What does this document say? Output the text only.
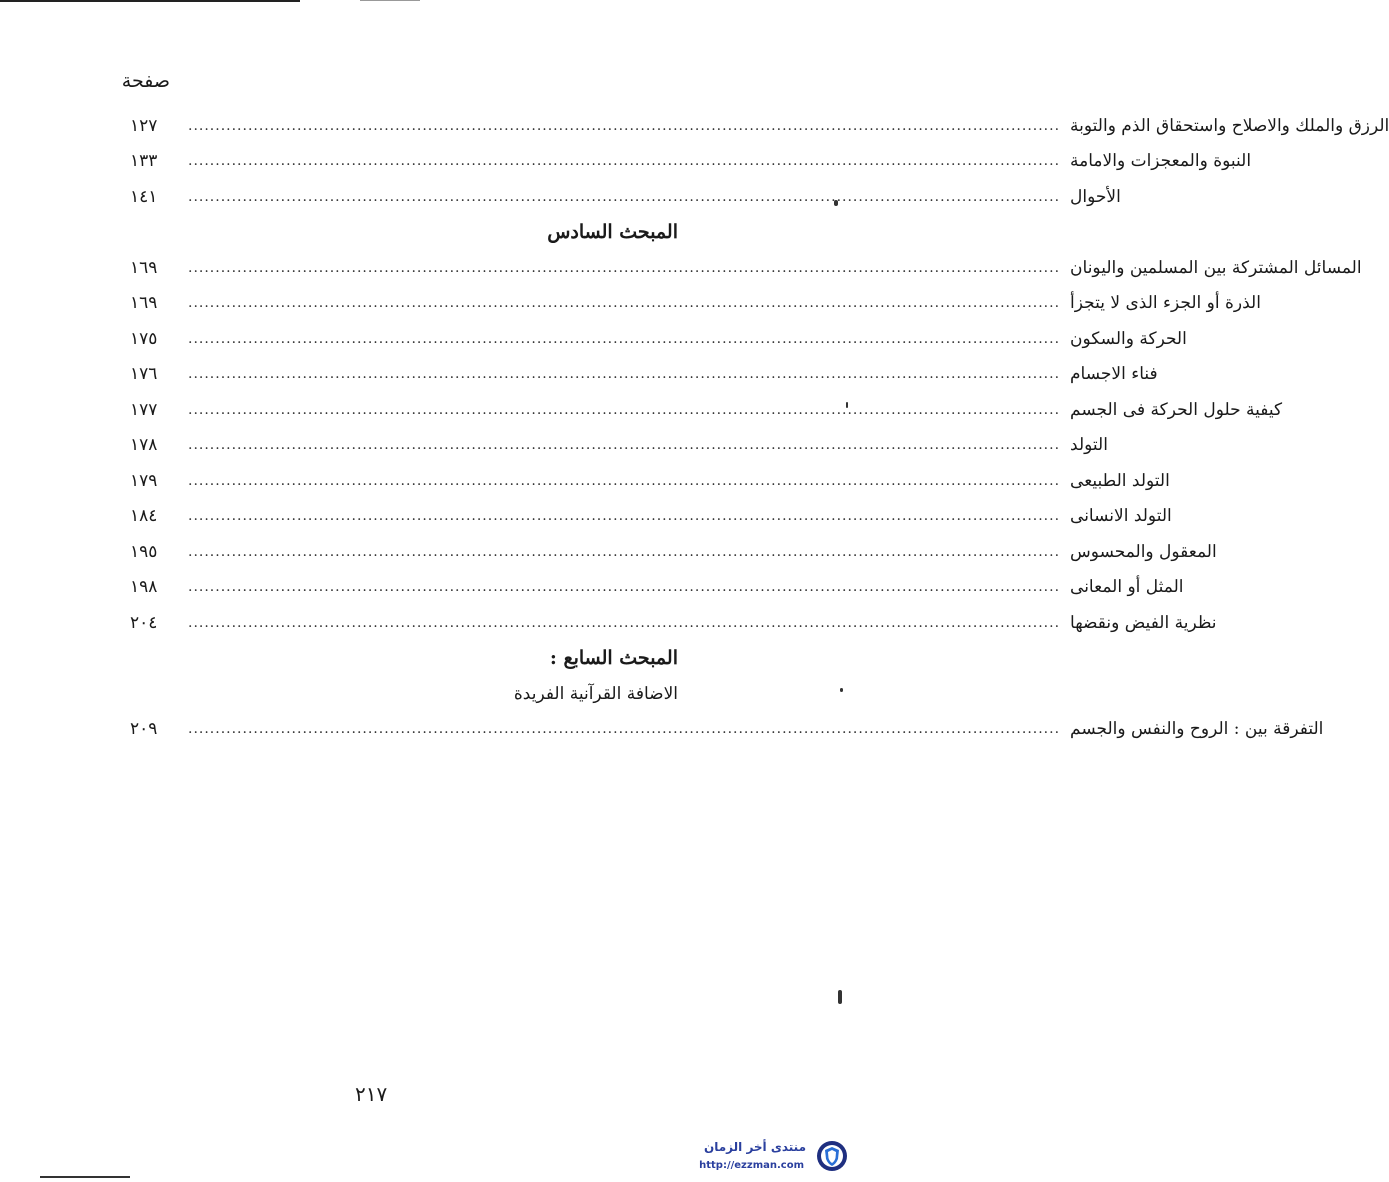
صفحة
١٢٧	................................................................................................................................................................ الرزق والملك والاصلاح واستحقاق الذم والتوبة
١٣٣	................................................................................................................................................................ النبوة والمعجزات والامامة
١٤١	................................................................................................................................................................ الأحوال
المبحث السادس
١٦٩	................................................................................................................................................................ المسائل المشتركة بين المسلمين واليونان
١٦٩	................................................................................................................................................................ الذرة أو الجزء الذى لا يتجزأ
١٧٥	................................................................................................................................................................ الحركة والسكون
١٧٦	................................................................................................................................................................ فناء الاجسام
١٧٧	................................................................................................................................................................ كيفية حلول الحركة فى الجسم
١٧٨	................................................................................................................................................................ التولد
١٧٩	................................................................................................................................................................ التولد الطبيعى
١٨٤	................................................................................................................................................................ التولد الانسانى
١٩٥	................................................................................................................................................................ المعقول والمحسوس
١٩٨	................................................................................................................................................................ المثل أو المعانى
٢٠٤	................................................................................................................................................................ نظرية الفيض ونقضها
المبحث السابع :
الاضافة القرآنية الفريدة
٢٠٩	................................................................................................................................................................ التفرقة بين : الروح والنفس والجسم
٢١٧
منتدى أخر الزمان
http://ezzman.com
